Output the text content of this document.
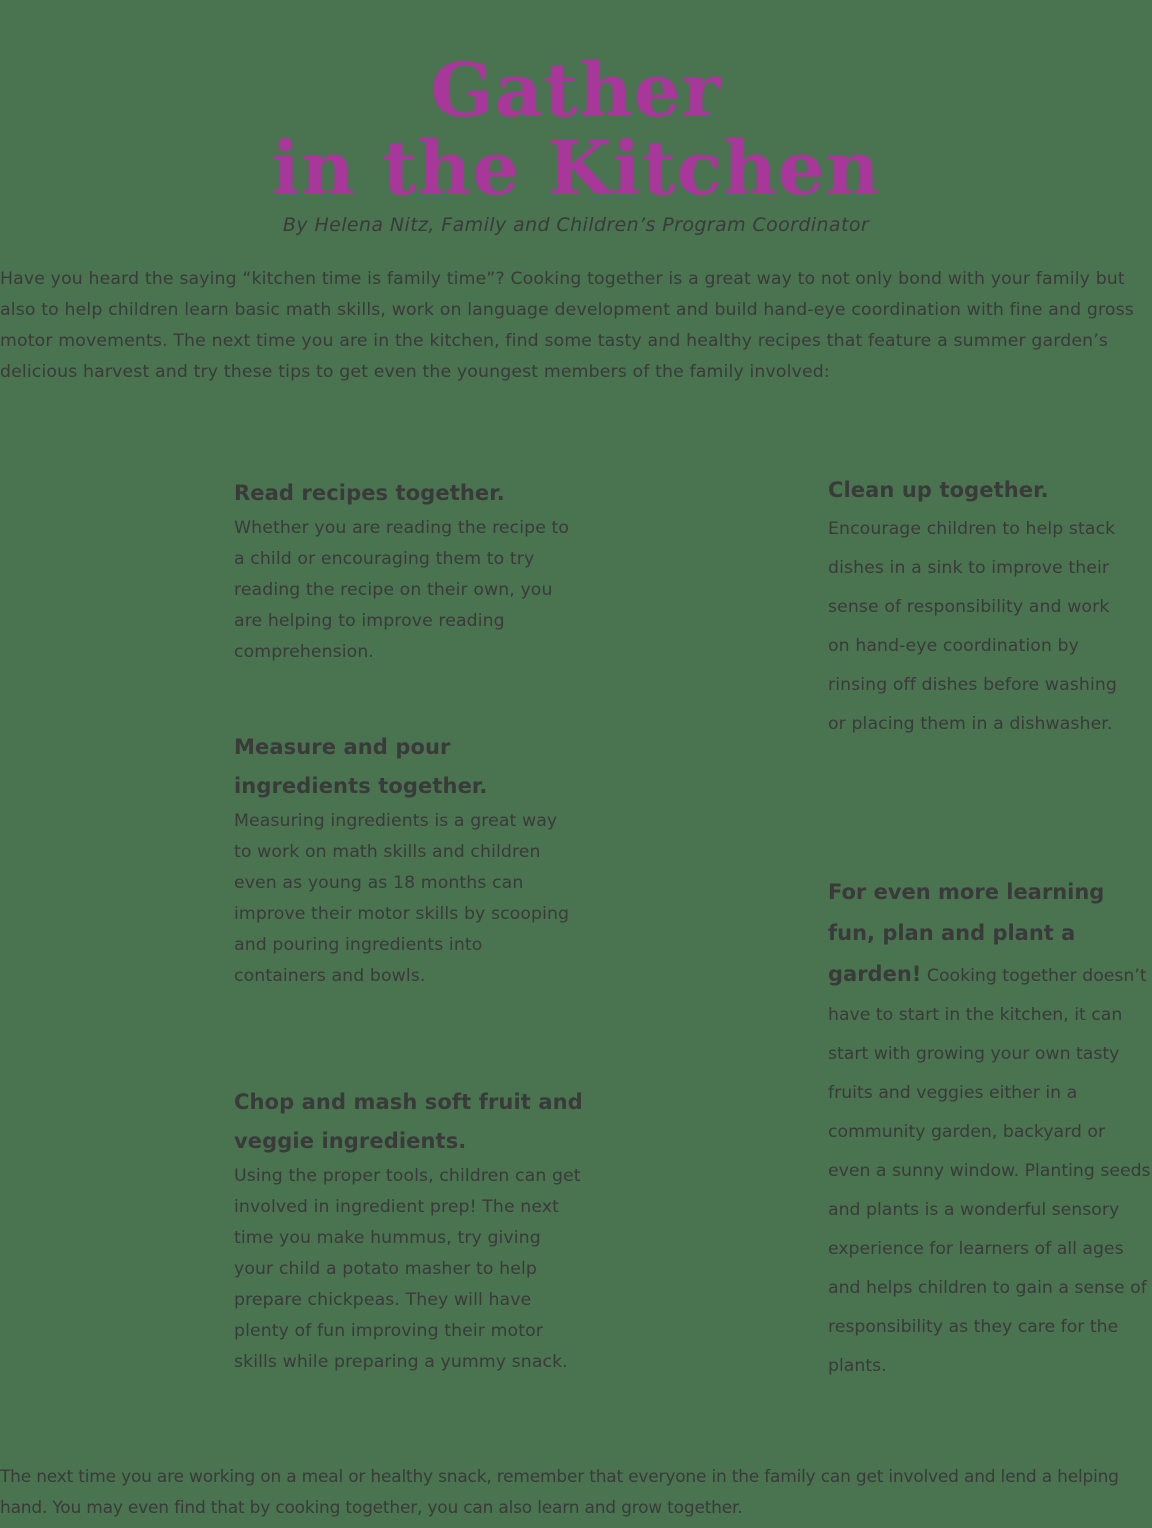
Gather
in the Kitchen
By Helena Nitz, Family and Children’s Program Coordinator

Have you heard the saying “kitchen time is family time”? Cooking together is a great way to not only bond with your family but also to help children learn basic math skills, work on language development and build hand-eye coordination with fine and gross motor movements. The next time you are in the kitchen, find some tasty and healthy recipes that feature a summer garden’s delicious harvest and try these tips to get even the youngest members of the family involved:

Read recipes together.

Whether you are reading the recipe to a child or encouraging them to try reading the recipe on their own, you are helping to improve reading comprehension.

Measure and pour ingredients together.

Measuring ingredients is a great way to work on math skills and children even as young as 18 months can improve their motor skills by scooping and pouring ingredients into containers and bowls.

Chop and mash soft fruit and veggie ingredients.

Using the proper tools, children can get involved in ingredient prep! The next time you make hummus, try giving your child a potato masher to help prepare chickpeas. They will have plenty of fun improving their motor skills while preparing a yummy snack.

Clean up together.

Encourage children to help stack dishes in a sink to improve their sense of responsibility and work on hand-eye coordination by rinsing off dishes before washing or placing them in a dishwasher.

For even more learning fun, plan and plant a garden! Cooking together doesn’t have to start in the kitchen, it can start with growing your own tasty fruits and veggies either in a community garden, backyard or even a sunny window. Planting seeds and plants is a wonderful sensory experience for learners of all ages and helps children to gain a sense of responsibility as they care for the plants.

The next time you are working on a meal or healthy snack, remember that everyone in the family can get involved and lend a helping hand. You may even find that by cooking together, you can also learn and grow together.
